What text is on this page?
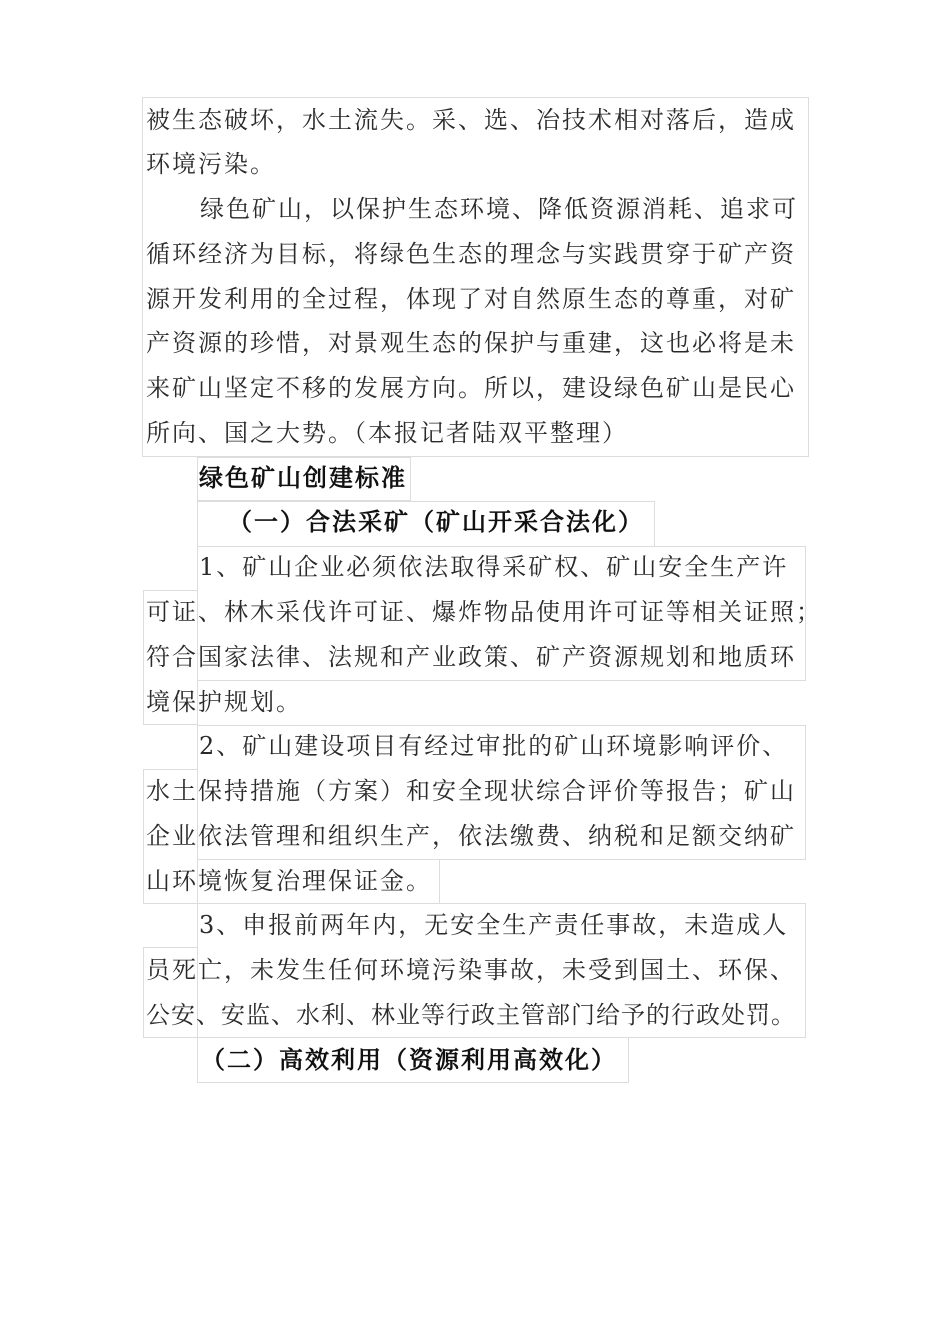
被生态破坏，水土流失。采、选、冶技术相对落后，造成
环境污染。
绿色矿山，以保护生态环境、降低资源消耗、追求可
循环经济为目标，将绿色生态的理念与实践贯穿于矿产资
源开发利用的全过程，体现了对自然原生态的尊重，对矿
产资源的珍惜，对景观生态的保护与重建，这也必将是未
来矿山坚定不移的发展方向。所以，建设绿色矿山是民心
所向、国之大势。（本报记者陆双平整理）
绿色矿山创建标准
（一）合法采矿（矿山开采合法化）
1、矿山企业必须依法取得采矿权、矿山安全生产许
可证、林木采伐许可证、爆炸物品使用许可证等相关证照；
符合国家法律、法规和产业政策、矿产资源规划和地质环
境保护规划。
2、矿山建设项目有经过审批的矿山环境影响评价、
水土保持措施（方案）和安全现状综合评价等报告；矿山
企业依法管理和组织生产，依法缴费、纳税和足额交纳矿
山环境恢复治理保证金。
3、申报前两年内，无安全生产责任事故，未造成人
员死亡，未发生任何环境污染事故，未受到国土、环保、
公安、安监、水利、林业等行政主管部门给予的行政处罚。
（二）高效利用（资源利用高效化）
